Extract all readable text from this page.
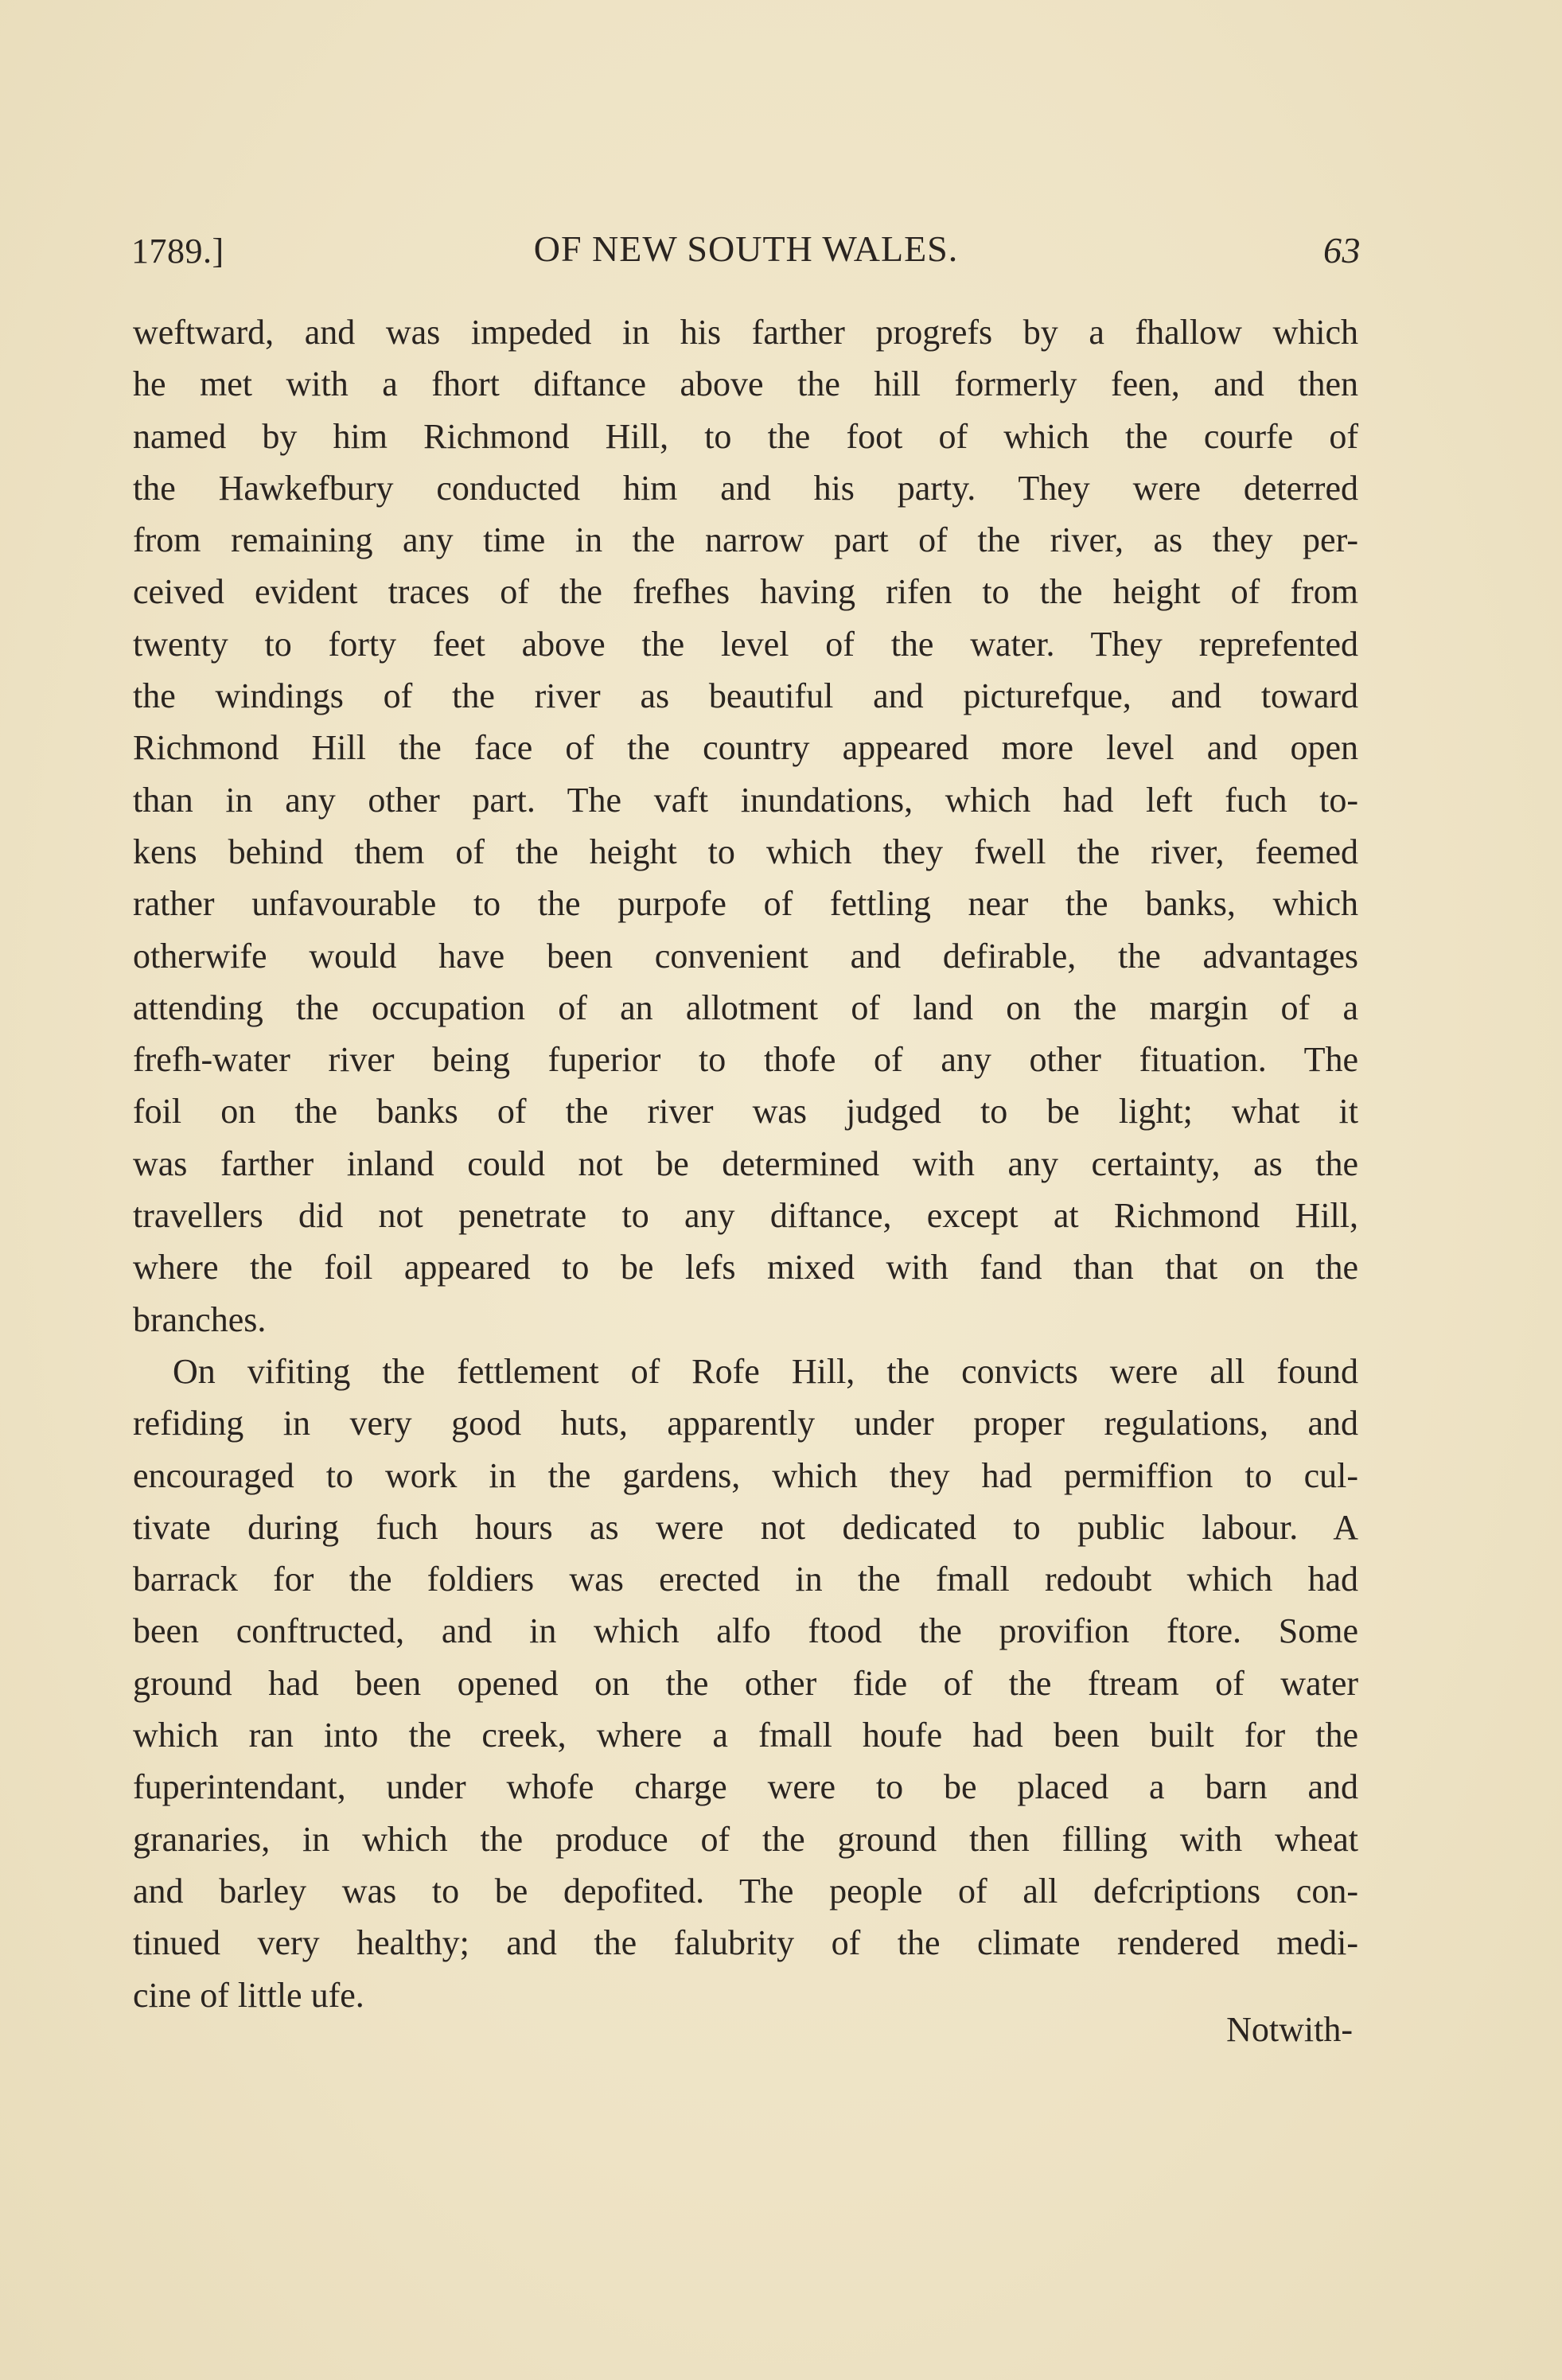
1789.]	OF NEW SOUTH WALES.	63
weftward, and was impeded in his farther progrefs by a fhallow which
he met with a fhort diftance above the hill formerly feen, and then
named by him Richmond Hill, to the foot of which the courfe of
the Hawkefbury conducted him and his party. They were deterred
from remaining any time in the narrow part of the river, as they per-
ceived evident traces of the frefhes having rifen to the height of from
twenty to forty feet above the level of the water. They reprefented
the windings of the river as beautiful and picturefque, and toward
Richmond Hill the face of the country appeared more level and open
than in any other part. The vaft inundations, which had left fuch to-
kens behind them of the height to which they fwell the river, feemed
rather unfavourable to the purpofe of fettling near the banks, which
otherwife would have been convenient and defirable, the advantages
attending the occupation of an allotment of land on the margin of a
frefh-water river being fuperior to thofe of any other fituation. The
foil on the banks of the river was judged to be light; what it
was farther inland could not be determined with any certainty, as the
travellers did not penetrate to any diftance, except at Richmond Hill,
where the foil appeared to be lefs mixed with fand than that on the
branches.
On vifiting the fettlement of Rofe Hill, the convicts were all found
refiding in very good huts, apparently under proper regulations, and
encouraged to work in the gardens, which they had permiffion to cul-
tivate during fuch hours as were not dedicated to public labour. A
barrack for the foldiers was erected in the fmall redoubt which had
been conftructed, and in which alfo ftood the provifion ftore. Some
ground had been opened on the other fide of the ftream of water
which ran into the creek, where a fmall houfe had been built for the
fuperintendant, under whofe charge were to be placed a barn and
granaries, in which the produce of the ground then filling with wheat
and barley was to be depofited. The people of all defcriptions con-
tinued very healthy; and the falubrity of the climate rendered medi-
cine of little ufe.
Notwith-
